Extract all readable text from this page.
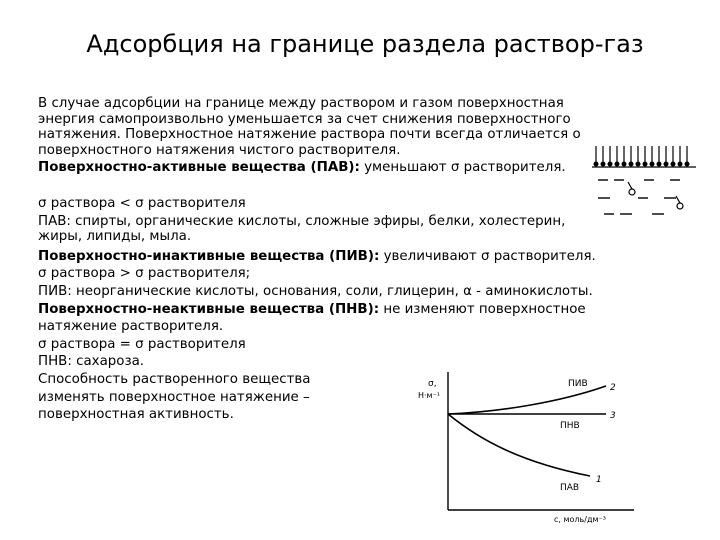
Адсорбция на границе раздела раствор-газ

В случае адсорбции на границе между раствором и газом поверхностная

энергия самопроизвольно уменьшается за счет снижения поверхностного

натяжения. Поверхностное натяжение раствора почти всегда отличается о

поверхностного натяжения чистого растворителя.

Поверхностно-активные вещества (ПАВ): уменьшают σ растворителя.

σ раствора < σ растворителя

ПАВ: спирты, органические кислоты, сложные эфиры, белки, холестерин,

жиры, липиды, мыла.

Поверхностно-инактивные вещества (ПИВ): увеличивают σ растворителя.

σ раствора > σ растворителя;

ПИВ: неорганические кислоты, основания, соли, глицерин, α - аминокислоты.

Поверхностно-неактивные вещества (ПНВ): не изменяют поверхностное

натяжение растворителя.

σ раствора = σ растворителя

ПНВ: сахароза.

Способность растворенного вещества

изменять поверхностное натяжение –

поверхностная активность.

σ,
Н·м⁻¹
ПИВ 2
ПНВ
3
ПАВ
1
c, моль/дм⁻³
